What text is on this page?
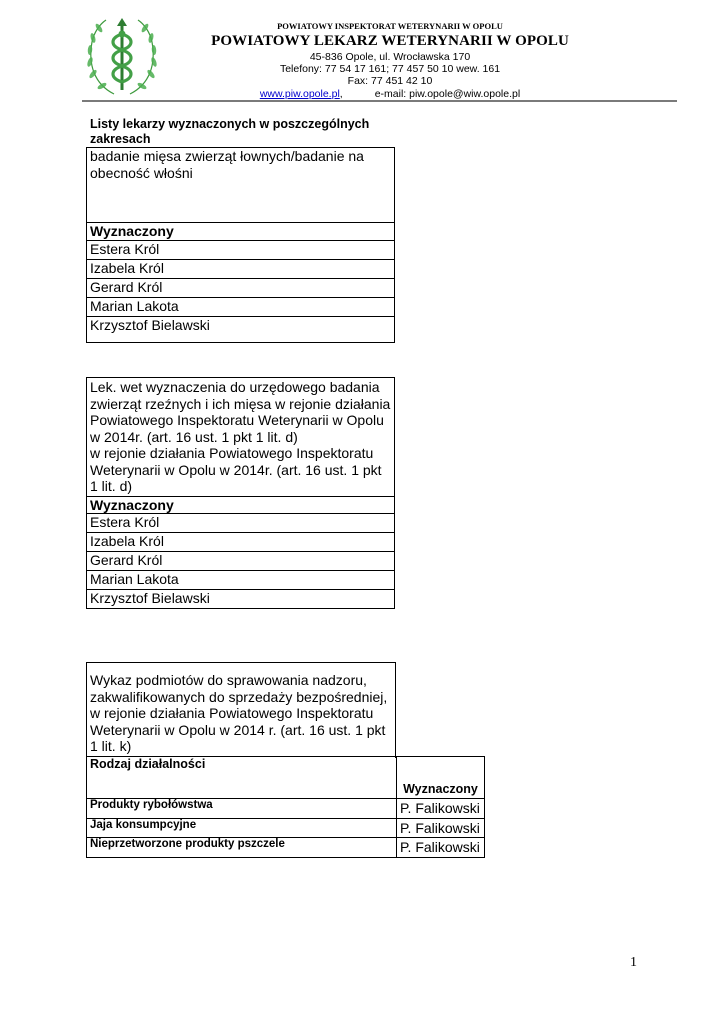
POWIATOWY INSPEKTORAT WETERYNARII W OPOLU
POWIATOWY LEKARZ WETERYNARII W OPOLU
45-836 Opole, ul. Wrocławska 170
Telefony: 77 54 17 161; 77 457 50 10 wew. 161
Fax: 77 451 42 10
www.piw.opole.pl,	e-mail: piw.opole@wiw.opole.pl
Listy lekarzy wyznaczonych w poszczególnych zakresach
badanie mięsa zwierząt łownych/badanie na obecność włośni
Wyznaczony
Estera Król
Izabela Król
Gerard Król
Marian Lakota
Krzysztof Bielawski
Lek. wet wyznaczenia do urzędowego badania zwierząt rzeźnych i ich mięsa w rejonie działania Powiatowego Inspektoratu Weterynarii w Opolu w 2014r. (art. 16 ust. 1 pkt 1 lit. d)
w rejonie działania Powiatowego Inspektoratu Weterynarii w Opolu w 2014r. (art. 16 ust. 1 pkt 1 lit. d)

Wyznaczony
Estera Król
Izabela Król
Gerard Król
Marian Lakota
Krzysztof Bielawski
Wykaz podmiotów do sprawowania nadzoru, zakwalifikowanych do sprzedaży bezpośredniej, w rejonie działania Powiatowego Inspektoratu Weterynarii w Opolu w 2014 r. (art. 16 ust. 1 pkt 1 lit. k)
Rodzaj działalności	Wyznaczony
Produkty rybołówstwa	P. Falikowski
Jaja konsumpcyjne	P. Falikowski
Nieprzetworzone produkty pszczele	P. Falikowski
1
